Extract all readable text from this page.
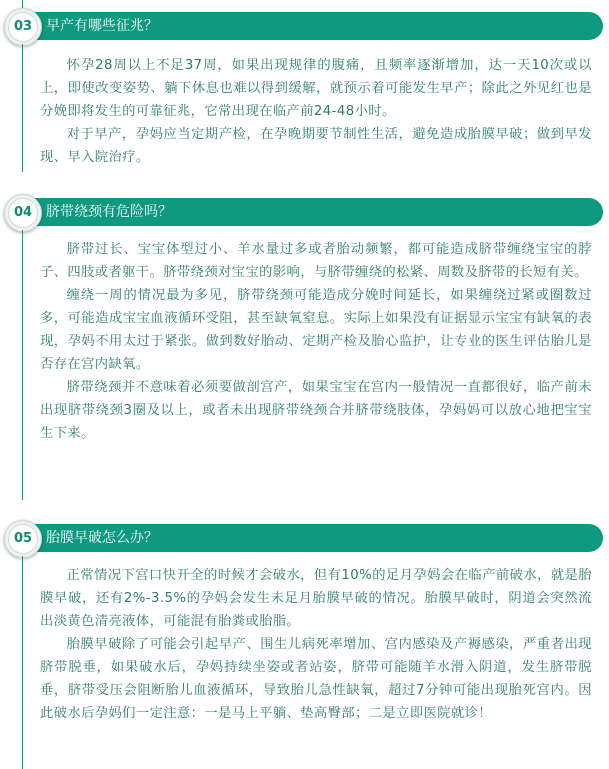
早产有哪些征兆？
03

怀孕28周以上不足37周，如果出现规律的腹痛，且频率逐渐增加，达一天10次或以上，即使改变姿势、躺下休息也难以得到缓解，就预示着可能发生早产；除此之外见红也是分娩即将发生的可靠征兆，它常出现在临产前24-48小时。

对于早产，孕妈应当定期产检，在孕晚期要节制性生活，避免造成胎膜早破；做到早发现、早入院治疗。

脐带绕颈有危险吗？
04

脐带过长、宝宝体型过小、羊水量过多或者胎动频繁，都可能造成脐带缠绕宝宝的脖子、四肢或者躯干。脐带绕颈对宝宝的影响，与脐带缠绕的松紧、周数及脐带的长短有关。

缠绕一周的情况最为多见，脐带绕颈可能造成分娩时间延长，如果缠绕过紧或圈数过多，可能造成宝宝血液循环受阻，甚至缺氧窒息。实际上如果没有证据显示宝宝有缺氧的表现，孕妈不用太过于紧张。做到数好胎动、定期产检及胎心监护，让专业的医生评估胎儿是否存在宫内缺氧。

脐带绕颈并不意味着必须要做剖宫产，如果宝宝在宫内一般情况一直都很好，临产前未出现脐带绕颈3圈及以上，或者未出现脐带绕颈合并脐带绕肢体，孕妈妈可以放心地把宝宝生下来。

胎膜早破怎么办？
05

正常情况下宫口快开全的时候才会破水，但有10%的足月孕妈会在临产前破水，就是胎膜早破，还有2%-3.5%的孕妈会发生未足月胎膜早破的情况。胎膜早破时，阴道会突然流出淡黄色清亮液体，可能混有胎粪或胎脂。

胎膜早破除了可能会引起早产、围生儿病死率增加、宫内感染及产褥感染，严重者出现脐带脱垂，如果破水后，孕妈持续坐姿或者站姿，脐带可能随羊水滑入阴道，发生脐带脱垂，脐带受压会阻断胎儿血液循环，导致胎儿急性缺氧，超过7分钟可能出现胎死宫内。因此破水后孕妈们一定注意：一是马上平躺、垫高臀部；二是立即医院就诊！
